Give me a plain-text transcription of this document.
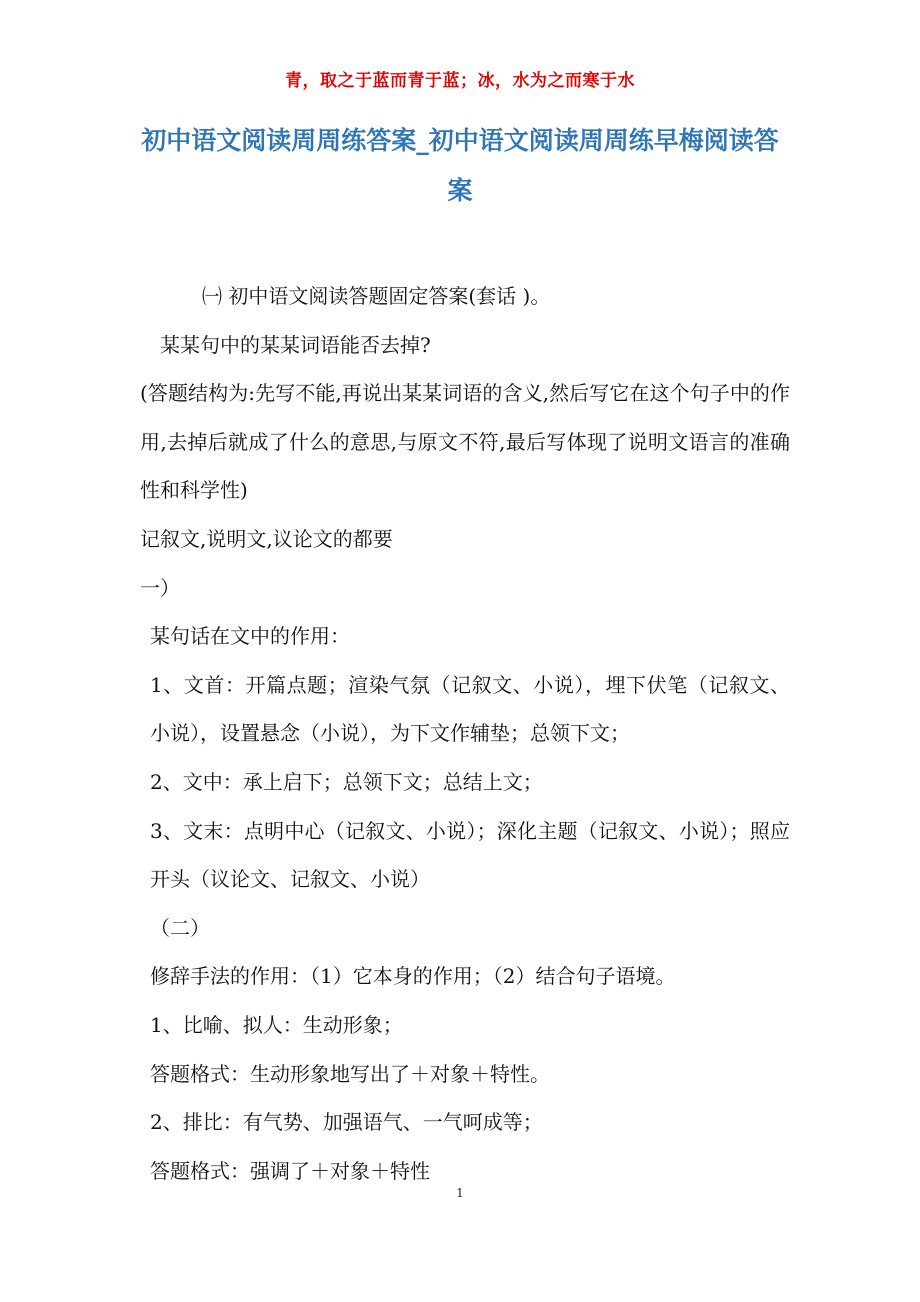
青，取之于蓝而青于蓝；冰，水为之而寒于水
初中语文阅读周周练答案_初中语文阅读周周练早梅阅读答案

㈠ 初中语文阅读答题固定答案(套话 )。

某某句中的某某词语能否去掉?

(答题结构为:先写不能,再说出某某词语的含义,然后写它在这个句子中的作用,去掉后就成了什么的意思,与原文不符,最后写体现了说明文语言的准确性和科学性)

记叙文,说明文,议论文的都要

一）

某句话在文中的作用：

1、文首：开篇点题；渲染气氛（记叙文、小说），埋下伏笔（记叙文、小说），设置悬念（小说），为下文作辅垫；总领下文；

2、文中：承上启下；总领下文；总结上文；

3、文末：点明中心（记叙文、小说）；深化主题（记叙文、小说）；照应开头（议论文、记叙文、小说）

（二）

修辞手法的作用：（1）它本身的作用；（2）结合句子语境。

1、比喻、拟人：生动形象；

答题格式：生动形象地写出了＋对象＋特性。

2、排比：有气势、加强语气、一气呵成等；

答题格式：强调了＋对象＋特性

1
